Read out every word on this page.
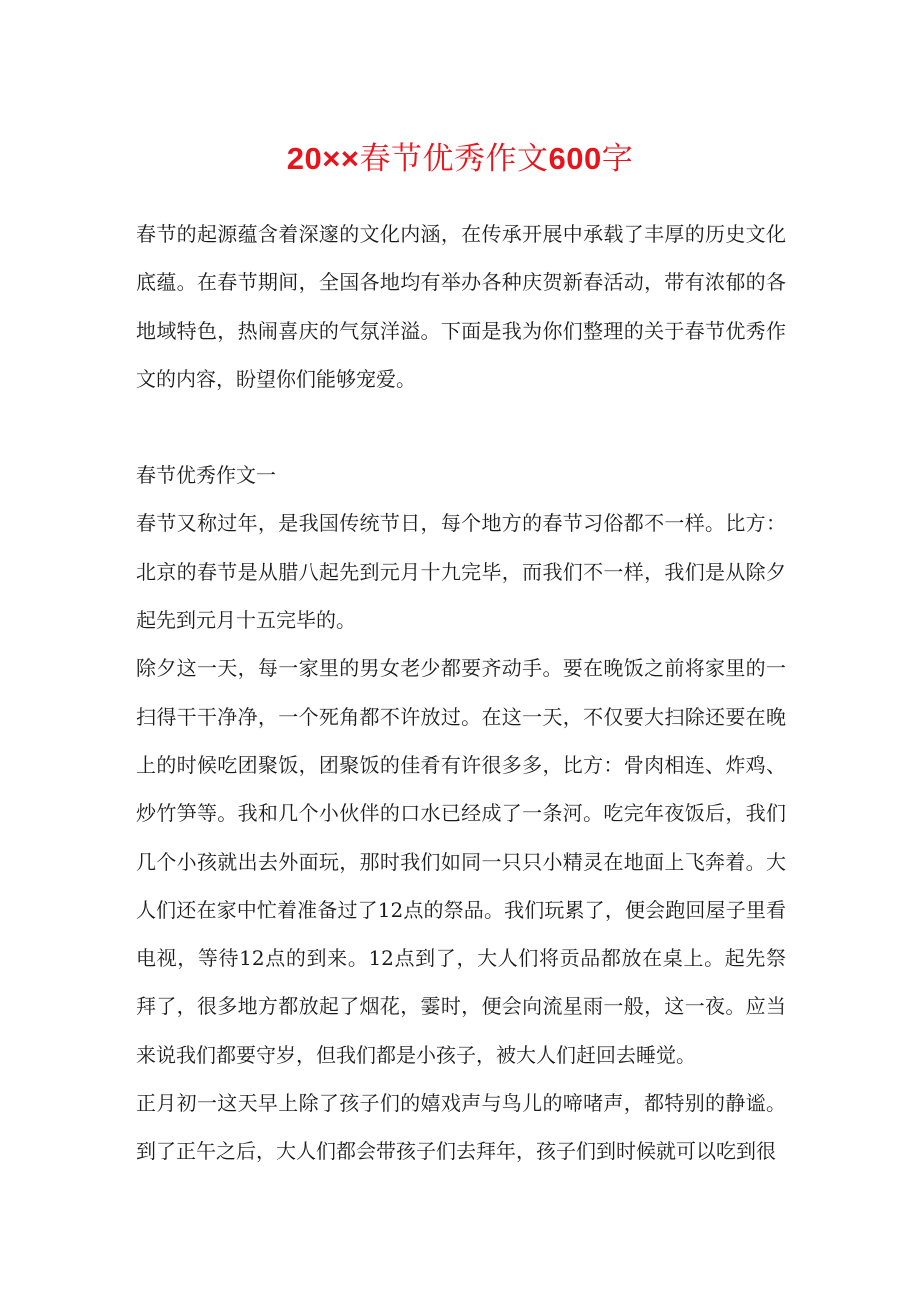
20××春节优秀作文600字

春节的起源蕴含着深邃的文化内涵，在传承开展中承载了丰厚的历史文化底蕴。在春节期间，全国各地均有举办各种庆贺新春活动，带有浓郁的各地域特色，热闹喜庆的气氛洋溢。下面是我为你们整理的关于春节优秀作文的内容，盼望你们能够宠爱。

春节优秀作文一

春节又称过年，是我国传统节日，每个地方的春节习俗都不一样。比方：北京的春节是从腊八起先到元月十九完毕，而我们不一样，我们是从除夕起先到元月十五完毕的。

除夕这一天，每一家里的男女老少都要齐动手。要在晚饭之前将家里的一扫得干干净净，一个死角都不许放过。在这一天，不仅要大扫除还要在晚上的时候吃团聚饭，团聚饭的佳肴有许很多多，比方：骨肉相连、炸鸡、炒竹笋等。我和几个小伙伴的口水已经成了一条河。吃完年夜饭后，我们几个小孩就出去外面玩，那时我们如同一只只小精灵在地面上飞奔着。大人们还在家中忙着准备过了12点的祭品。我们玩累了，便会跑回屋子里看电视，等待12点的到来。12点到了，大人们将贡品都放在桌上。起先祭拜了，很多地方都放起了烟花，霎时，便会向流星雨一般，这一夜。应当来说我们都要守岁，但我们都是小孩子，被大人们赶回去睡觉。

正月初一这天早上除了孩子们的嬉戏声与鸟儿的啼啫声，都特别的静谧。到了正午之后，大人们都会带孩子们去拜年，孩子们到时候就可以吃到很
